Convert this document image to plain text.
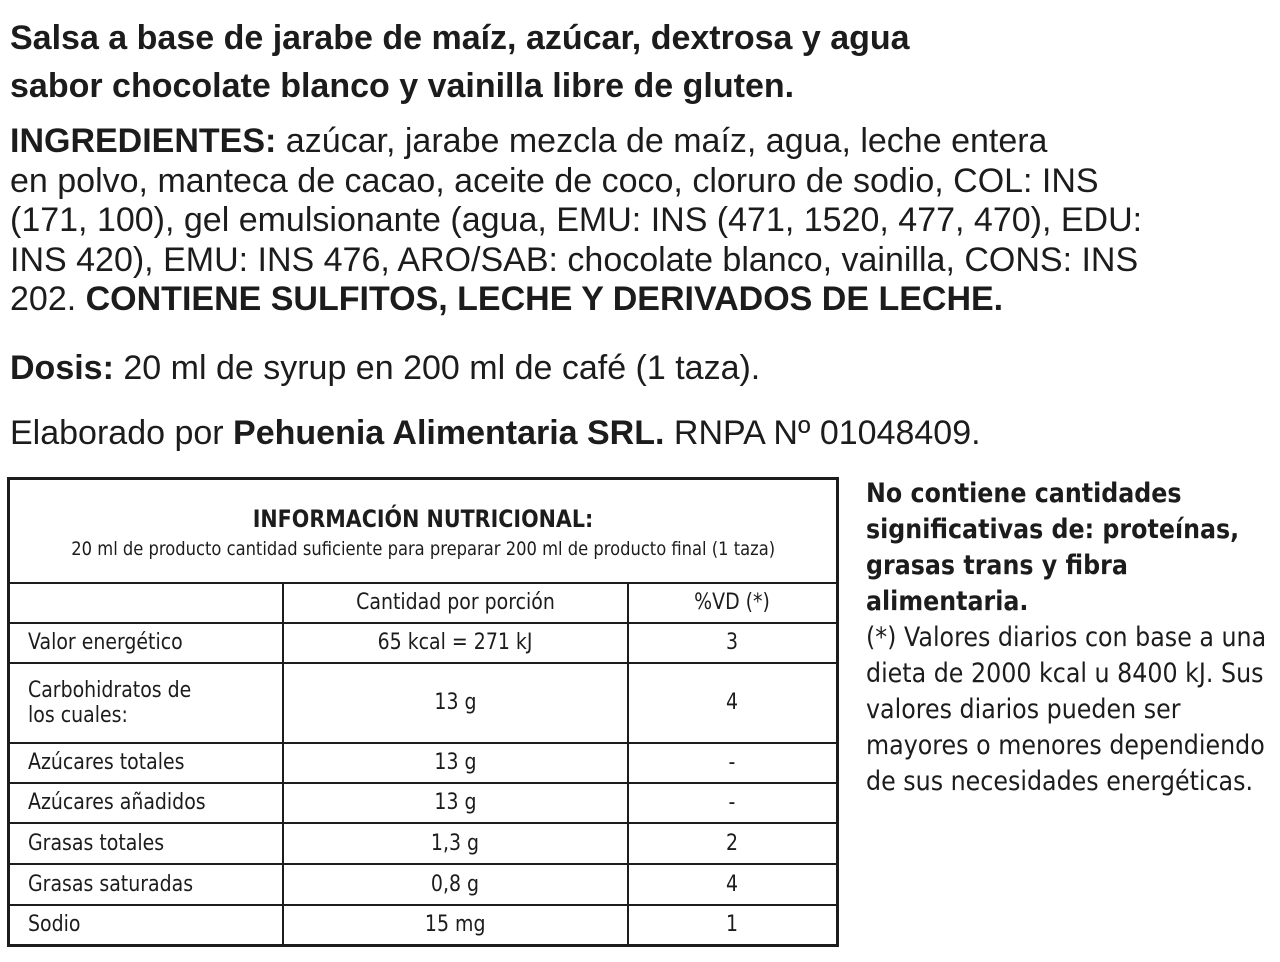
Salsa a base de jarabe de maíz, azúcar, dextrosa y agua
sabor chocolate blanco y vainilla libre de gluten.

INGREDIENTES: azúcar, jarabe mezcla de maíz, agua, leche entera
en polvo, manteca de cacao, aceite de coco, cloruro de sodio, COL: INS
(171, 100), gel emulsionante (agua, EMU: INS (471, 1520, 477, 470), EDU:
INS 420), EMU: INS 476, ARO/SAB: chocolate blanco, vainilla, CONS: INS
202. CONTIENE SULFITOS, LECHE Y DERIVADOS DE LECHE.

Dosis: 20 ml de syrup en 200 ml de café (1 taza).

Elaborado por Pehuenia Alimentaria SRL. RNPA Nº 01048409.

INFORMACIÓN NUTRICIONAL:
20 ml de producto cantidad suficiente para preparar 200 ml de producto final (1 taza)		

	Cantidad por porción	%VD (*)
Valor energético	65 kcal = 271 kJ	3
Carbohidratos de
los cuales:	13 g	4
Azúcares totales	13 g	-
Azúcares añadidos	13 g	-
Grasas totales	1,3 g	2
Grasas saturadas	0,8 g	4
Sodio	15 mg	1
No contiene cantidades
significativas de: proteínas,
grasas trans y fibra
alimentaria.
(*) Valores diarios con base a una
dieta de 2000 kcal u 8400 kJ. Sus
valores diarios pueden ser
mayores o menores dependiendo
de sus necesidades energéticas.
